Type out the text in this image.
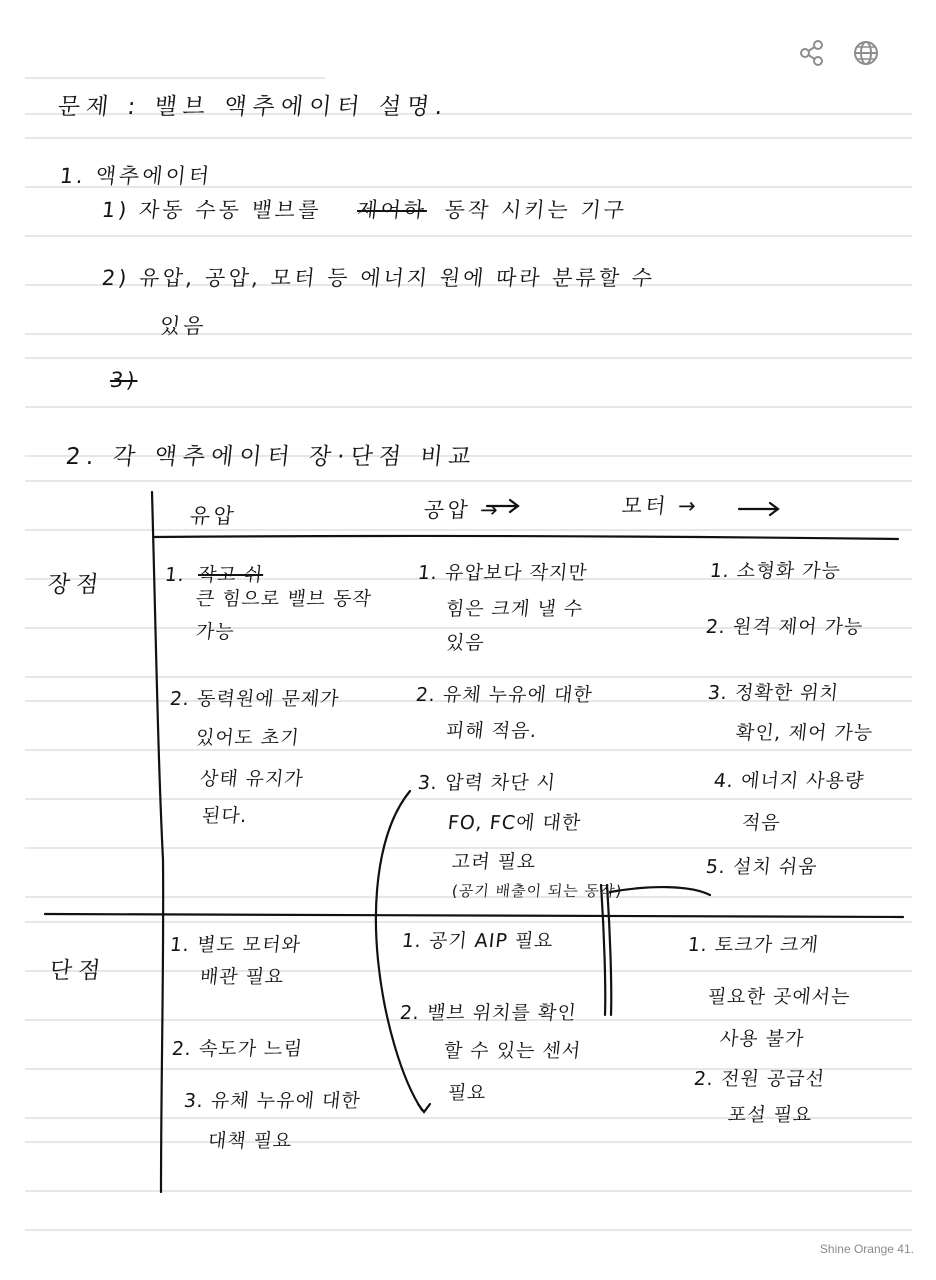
문제 : 밸브 액추에이터 설명.
1. 액추에이터
1) 자동 수동 밸브를 제어하 동작 시키는 기구
2) 유압, 공압, 모터 등 에너지 원에 따라 분류할 수
있음
3)
2. 각 액추에이터 장·단점 비교
유압	공압 →	모터 →
장점
단점
1. 작고 쉬
큰 힘으로 밸브 동작
가능
2. 동력원에 문제가
있어도 초기
상태 유지가
된다.
1. 유압보다 작지만
힘은 크게 낼 수
있음
2. 유체 누유에 대한
피해 적음.
3. 압력 차단 시
FO, FC에 대한
고려 필요
(공기 배출이 되는 동작)
1. 소형화 가능
2. 원격 제어 가능
3. 정확한 위치
확인, 제어 가능
4. 에너지 사용량
적음
5. 설치 쉬움
1. 별도 모터와
배관 필요
2. 속도가 느림
3. 유체 누유에 대한
대책 필요
1. 공기 AIP 필요
2. 밸브 위치를 확인
할 수 있는 센서
필요
1. 토크가 크게
필요한 곳에서는
사용 불가
2. 전원 공급선
포설 필요
Shine Orange 41.
